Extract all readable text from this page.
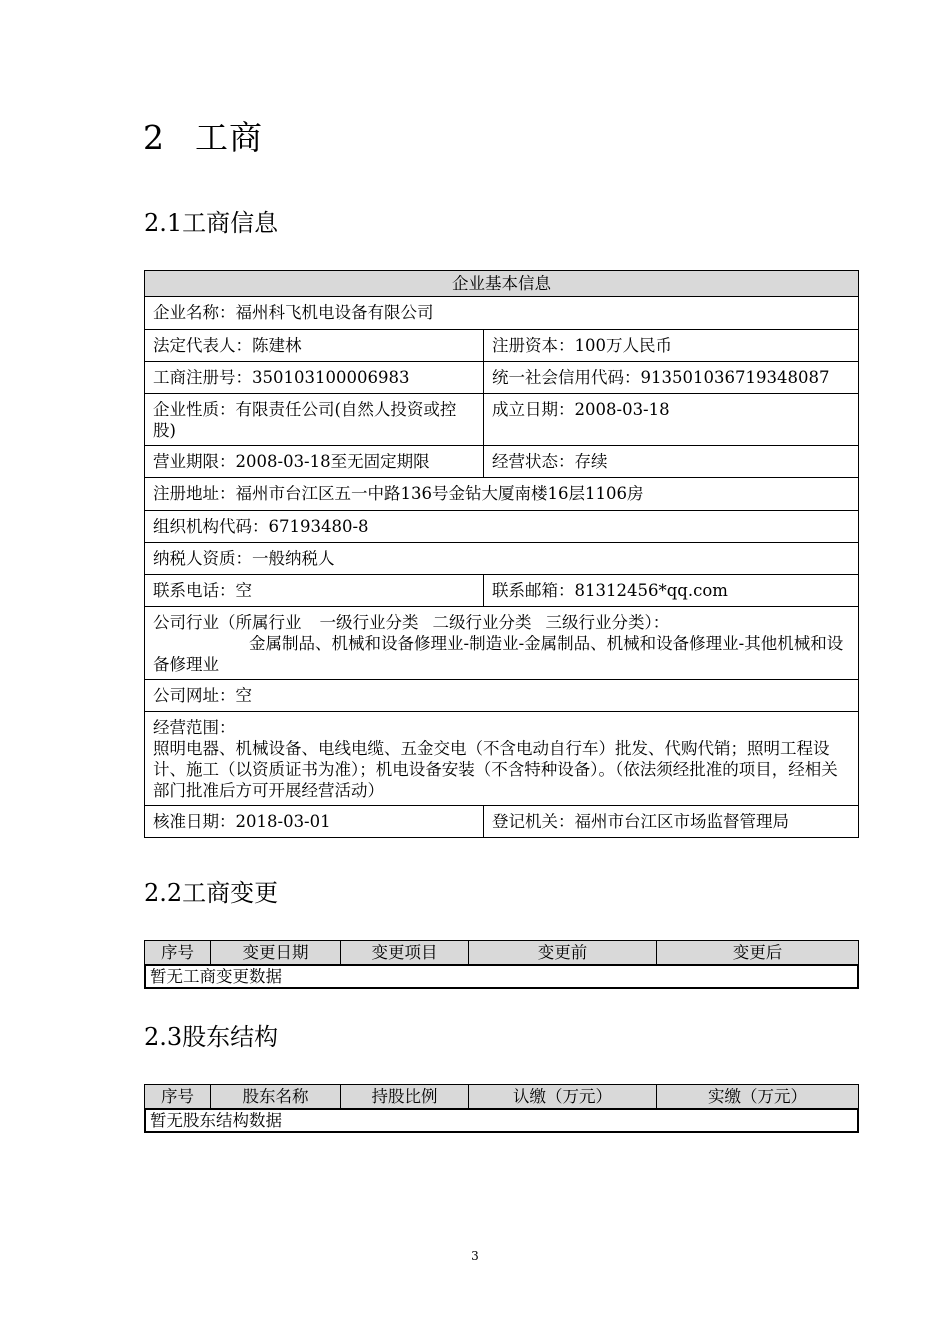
2 工商
2.1工商信息
企业基本信息	
企业名称：福州科飞机电设备有限公司	
法定代表人：陈建林	注册资本：100万人民币
工商注册号：350103100006983	统一社会信用代码：913501036719348087
企业性质：有限责任公司(自然人投资或控股)	成立日期：2008-03-18
营业期限：2008-03-18至无固定期限	经营状态：存续
注册地址：福州市台江区五一中路136号金钻大厦南楼16层1106房	
组织机构代码：67193480-8	
纳税人资质：一般纳税人	
联系电话：空	联系邮箱：81312456*qq.com
公司行业（所属行业 一级行业分类 二级行业分类 三级行业分类）：
金属制品、机械和设备修理业-制造业-金属制品、机械和设备修理业-其他机械和设备修理业	
公司网址：空	
经营范围：
照明电器、机械设备、电线电缆、五金交电（不含电动自行车）批发、代购代销；照明工程设计、施工（以资质证书为准）；机电设备安装（不含特种设备）。（依法须经批准的项目，经相关部门批准后方可开展经营活动）	
核准日期：2018-03-01	登记机关：福州市台江区市场监督管理局
2.2工商变更
序号	变更日期	变更项目	变更前	变更后

暂无工商变更数据
2.3股东结构
序号	股东名称	持股比例	认缴（万元）	实缴（万元）

暂无股东结构数据
3
